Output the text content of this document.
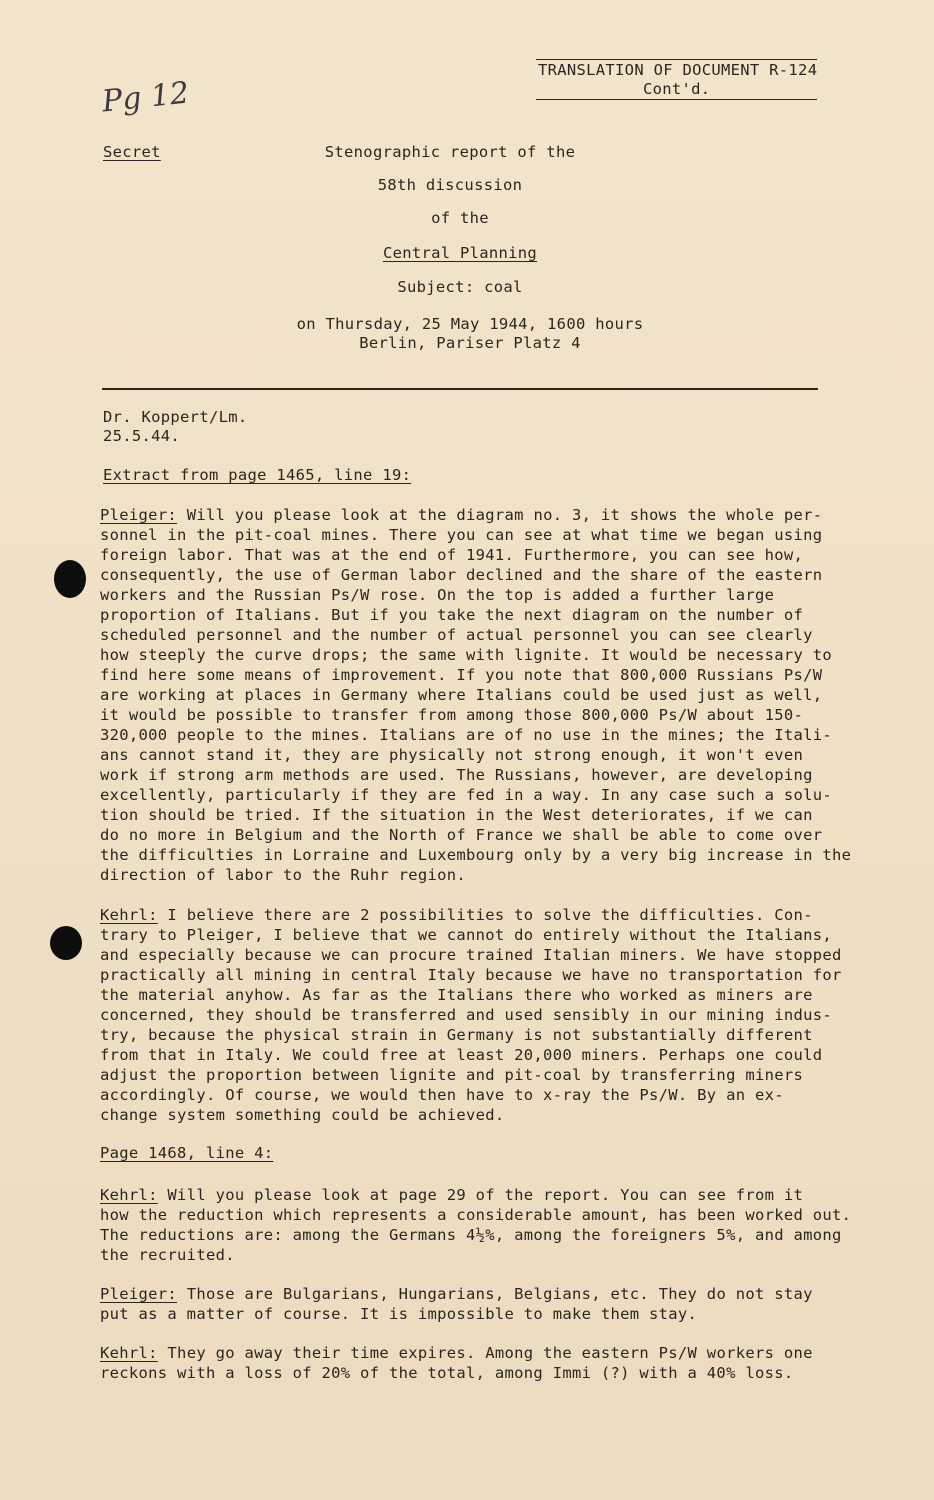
TRANSLATION OF DOCUMENT R-124
Cont'd.
Pg 12
Secret	Stenographic report of the
58th discussion
of the
Central Planning
Subject: coal
on Thursday, 25 May 1944, 1600 hours
Berlin, Pariser Platz 4
Dr. Koppert/Lm.
25.5.44.
Extract from page 1465, line 19:
Pleiger: Will you please look at the diagram no. 3, it shows the whole per-
sonnel in the pit-coal mines. There you can see at what time we began using
foreign labor. That was at the end of 1941. Furthermore, you can see how,
consequently, the use of German labor declined and the share of the eastern
workers and the Russian Ps/W rose. On the top is added a further large
proportion of Italians. But if you take the next diagram on the number of
scheduled personnel and the number of actual personnel you can see clearly
how steeply the curve drops; the same with lignite. It would be necessary to
find here some means of improvement. If you note that 800,000 Russians Ps/W
are working at places in Germany where Italians could be used just as well,
it would be possible to transfer from among those 800,000 Ps/W about 150-
320,000 people to the mines. Italians are of no use in the mines; the Itali-
ans cannot stand it, they are physically not strong enough, it won't even
work if strong arm methods are used. The Russians, however, are developing
excellently, particularly if they are fed in a way. In any case such a solu-
tion should be tried. If the situation in the West deteriorates, if we can
do no more in Belgium and the North of France we shall be able to come over
the difficulties in Lorraine and Luxembourg only by a very big increase in the
direction of labor to the Ruhr region.
Kehrl: I believe there are 2 possibilities to solve the difficulties. Con-
trary to Pleiger, I believe that we cannot do entirely without the Italians,
and especially because we can procure trained Italian miners. We have stopped
practically all mining in central Italy because we have no transportation for
the material anyhow. As far as the Italians there who worked as miners are
concerned, they should be transferred and used sensibly in our mining indus-
try, because the physical strain in Germany is not substantially different
from that in Italy. We could free at least 20,000 miners. Perhaps one could
adjust the proportion between lignite and pit-coal by transferring miners
accordingly. Of course, we would then have to x-ray the Ps/W. By an ex-
change system something could be achieved.
Page 1468, line 4:
Kehrl: Will you please look at page 29 of the report. You can see from it
how the reduction which represents a considerable amount, has been worked out.
The reductions are: among the Germans 4½%, among the foreigners 5%, and among
the recruited.
Pleiger: Those are Bulgarians, Hungarians, Belgians, etc. They do not stay
put as a matter of course. It is impossible to make them stay.
Kehrl: They go away their time expires. Among the eastern Ps/W workers one
reckons with a loss of 20% of the total, among Immi (?) with a 40% loss.
